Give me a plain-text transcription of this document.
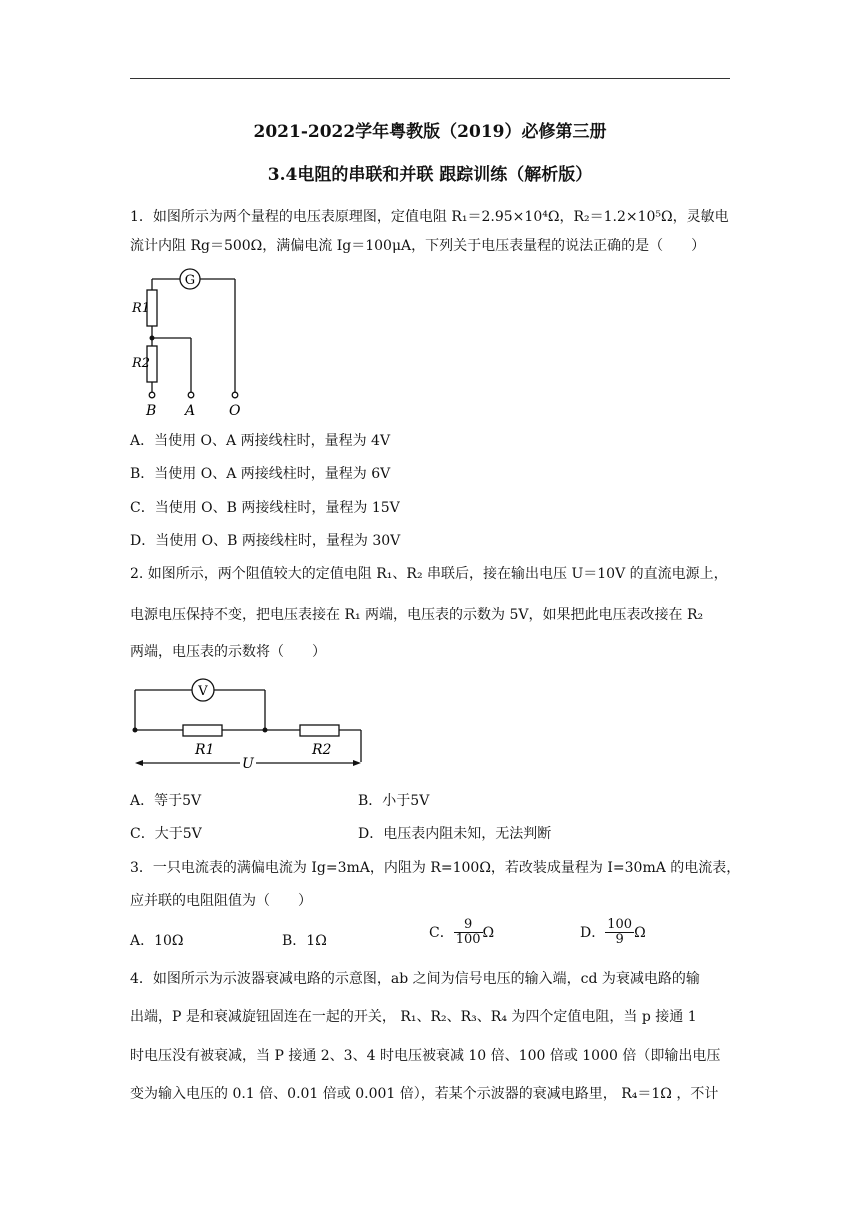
2021-2022学年粤教版（2019）必修第三册
3.4电阻的串联和并联 跟踪训练（解析版）
1．如图所示为两个量程的电压表原理图，定值电阻 R₁＝2.95×10⁴Ω，R₂＝1.2×10⁵Ω，灵敏电
流计内阻 Rg＝500Ω，满偏电流 Ig＝100μA，下列关于电压表量程的说法正确的是（　　）
G
R1
R2
B A O
A．当使用 O、A 两接线柱时，量程为 4V
B．当使用 O、A 两接线柱时，量程为 6V
C．当使用 O、B 两接线柱时，量程为 15V
D．当使用 O、B 两接线柱时，量程为 30V
2. 如图所示，两个阻值较大的定值电阻 R₁、R₂ 串联后，接在输出电压 U＝10V 的直流电源上，
电源电压保持不变，把电压表接在 R₁ 两端，电压表的示数为 5V，如果把此电压表改接在 R₂
两端，电压表的示数将（　　）
V
R1	R2
U
A．等于5V	B．小于5V
C．大于5V	D．电压表内阻未知，无法判断
3．一只电流表的满偏电流为 Ig=3mA，内阻为 R=100Ω，若改装成量程为 I=30mA 的电流表，
应并联的电阻阻值为（　　）
A．10Ω	B．1Ω
C． $\frac{9}{100}$ Ω	D． $\frac{100}{9}$ Ω
4．如图所示为示波器衰减电路的示意图，ab 之间为信号电压的输入端，cd 为衰减电路的输
出端，P 是和衰减旋钮固连在一起的开关， R₁、R₂、R₃、R₄ 为四个定值电阻，当 p 接通 1
时电压没有被衰减，当 P 接通 2、3、4 时电压被衰减 10 倍、100 倍或 1000 倍（即输出电压
变为输入电压的 0.1 倍、0.01 倍或 0.001 倍），若某个示波器的衰减电路里， R₄＝1Ω ，不计
